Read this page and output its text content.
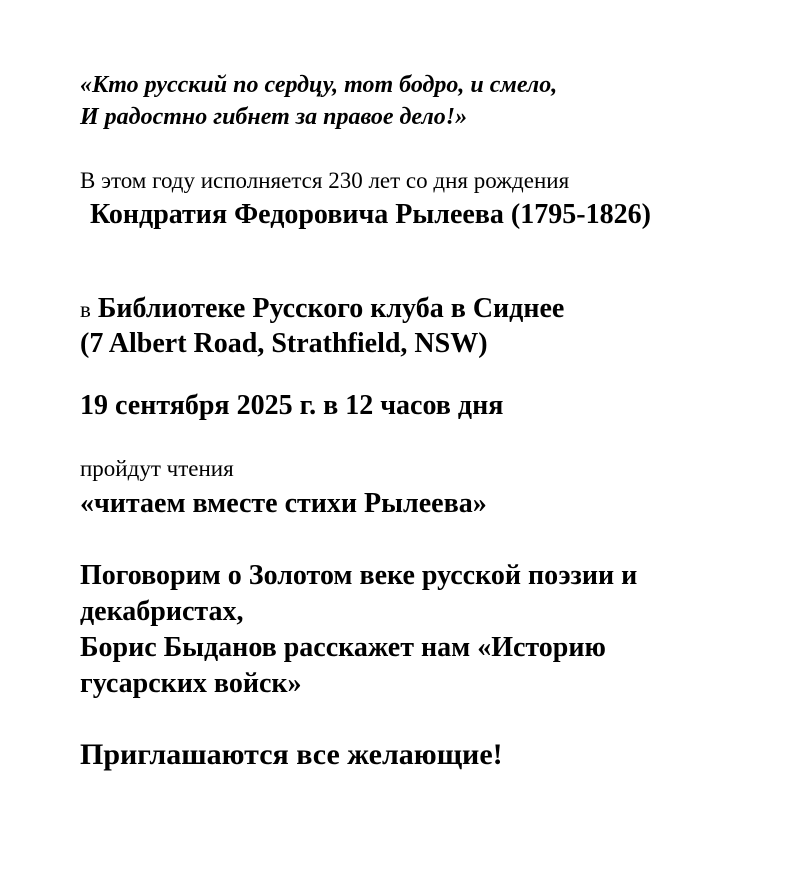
«Кто русский по сердцу, тот бодро, и смело,
И радостно гибнет за правое дело!»
В этом году исполняется 230 лет со дня рождения
Кондратия Федоровича Рылеева (1795-1826)
в Библиотеке Русского клуба в Сиднее
(7 Albert Road, Strathfield, NSW)
19 сентября 2025 г. в 12 часов дня
пройдут чтения
«читаем вместе стихи Рылеева»
Поговорим о Золотом веке русской поэзии и
декабристах,
Борис Быданов расскажет нам «Историю
гусарских войск»
Приглашаются все желающие!
